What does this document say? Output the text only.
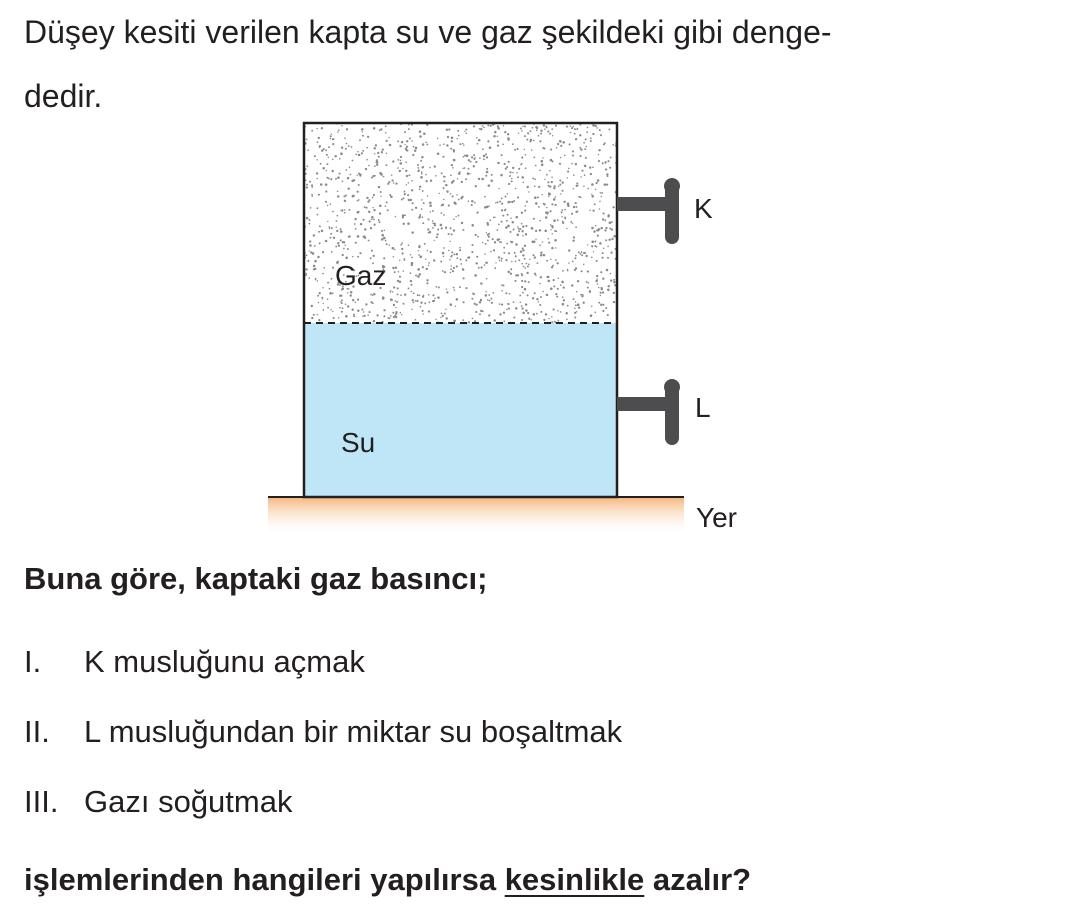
Düşey kesiti verilen kapta su ve gaz şekildeki gibi denge-
dedir.

Gaz
Su
K
L
Yer

Buna göre, kaptaki gaz basıncı;

I. K musluğunu açmak
II. L musluğundan bir miktar su boşaltmak
III. Gazı soğutmak

işlemlerinden hangileri yapılırsa kesinlikle azalır?
